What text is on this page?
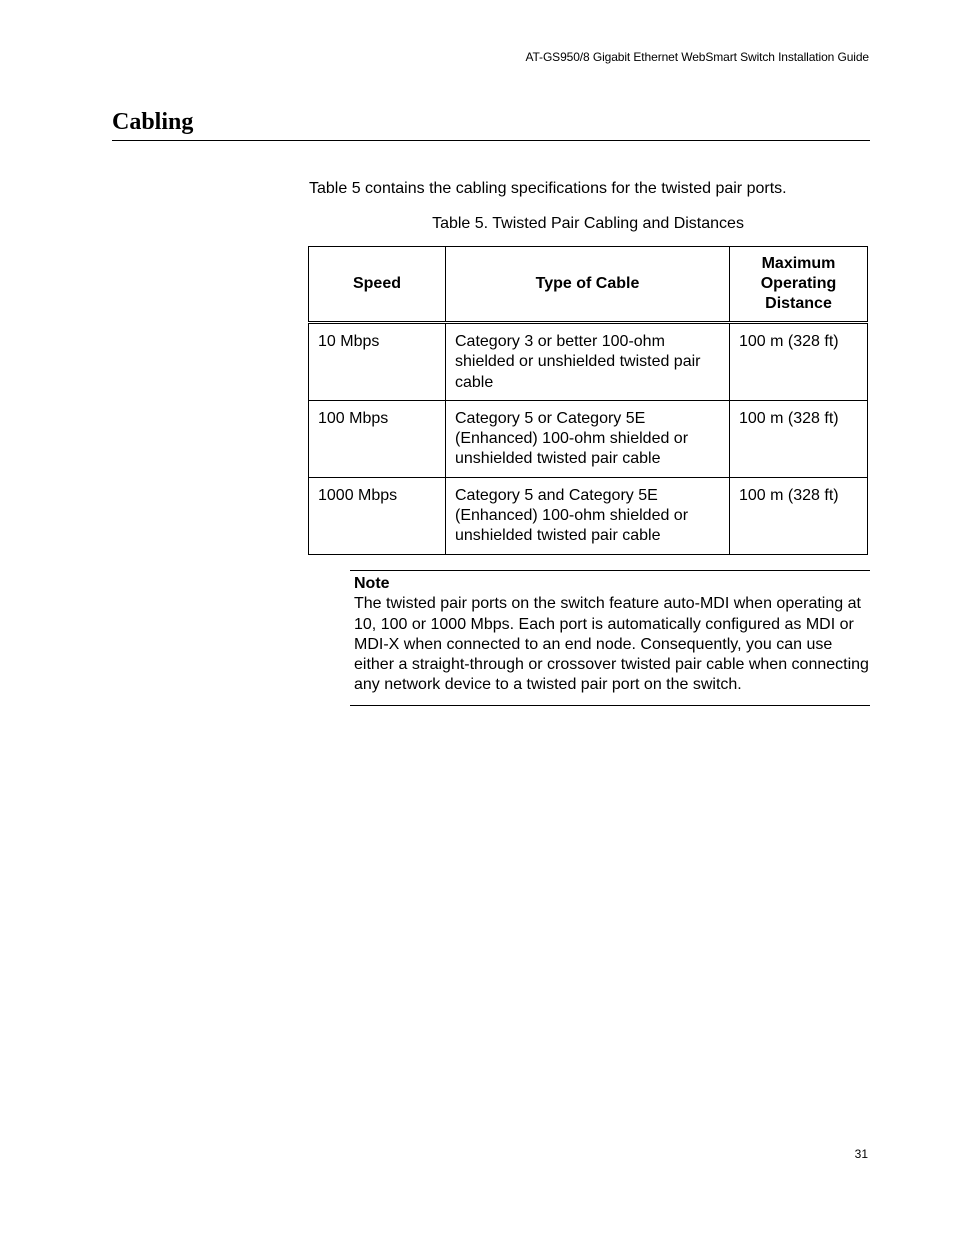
AT-GS950/8 Gigabit Ethernet WebSmart Switch Installation Guide
Cabling

Table 5 contains the cabling specifications for the twisted pair ports.

Table 5. Twisted Pair Cabling and Distances
Speed	Type of Cable	Maximum Operating Distance
10 Mbps	Category 3 or better 100-ohm shielded or unshielded twisted pair cable	100 m (328 ft)
100 Mbps	Category 5 or Category 5E (Enhanced) 100-ohm shielded or unshielded twisted pair cable	100 m (328 ft)
1000 Mbps	Category 5 and Category 5E (Enhanced) 100-ohm shielded or unshielded twisted pair cable	100 m (328 ft)
Note
The twisted pair ports on the switch feature auto-MDI when operating at 10, 100 or 1000 Mbps. Each port is automatically configured as MDI or MDI-X when connected to an end node. Consequently, you can use either a straight-through or crossover twisted pair cable when connecting any network device to a twisted pair port on the switch.
31
